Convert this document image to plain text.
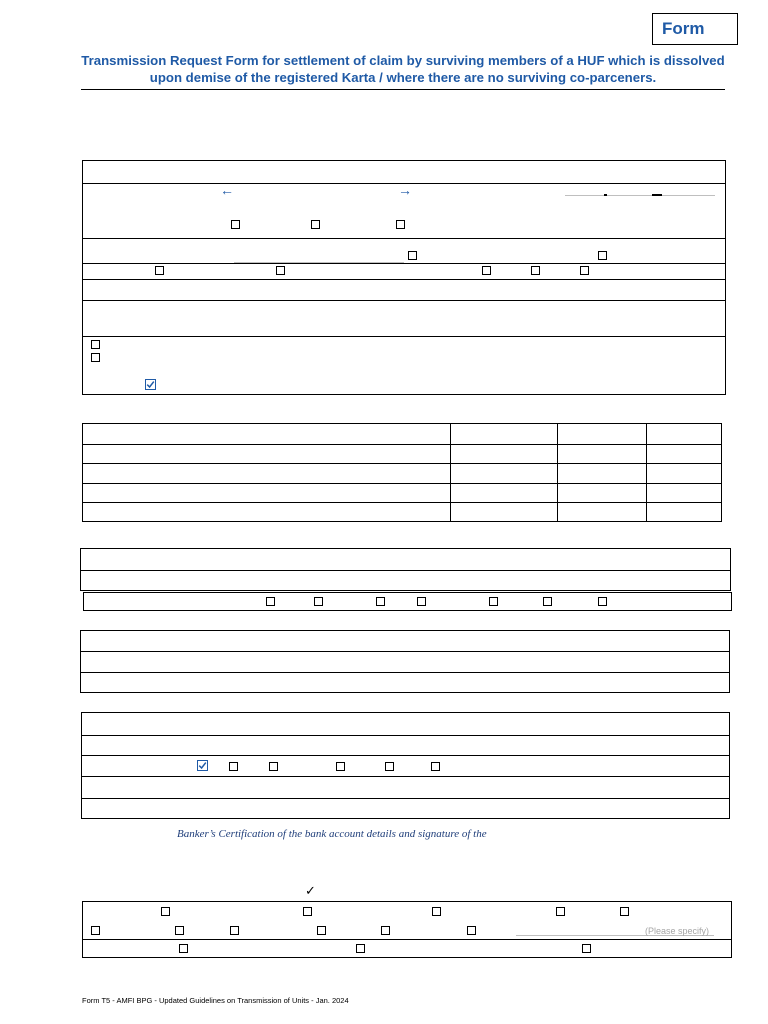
Form
Transmission Request Form for settlement of claim by surviving members of a HUF which is dissolved upon demise of the registered Karta / where there are no surviving co-parceners.
←	→
Banker’s Certification of the bank account details and signature of the
✓
(Please specify)
Form T5 - AMFI BPG - Updated Guidelines on Transmission of Units - Jan. 2024
